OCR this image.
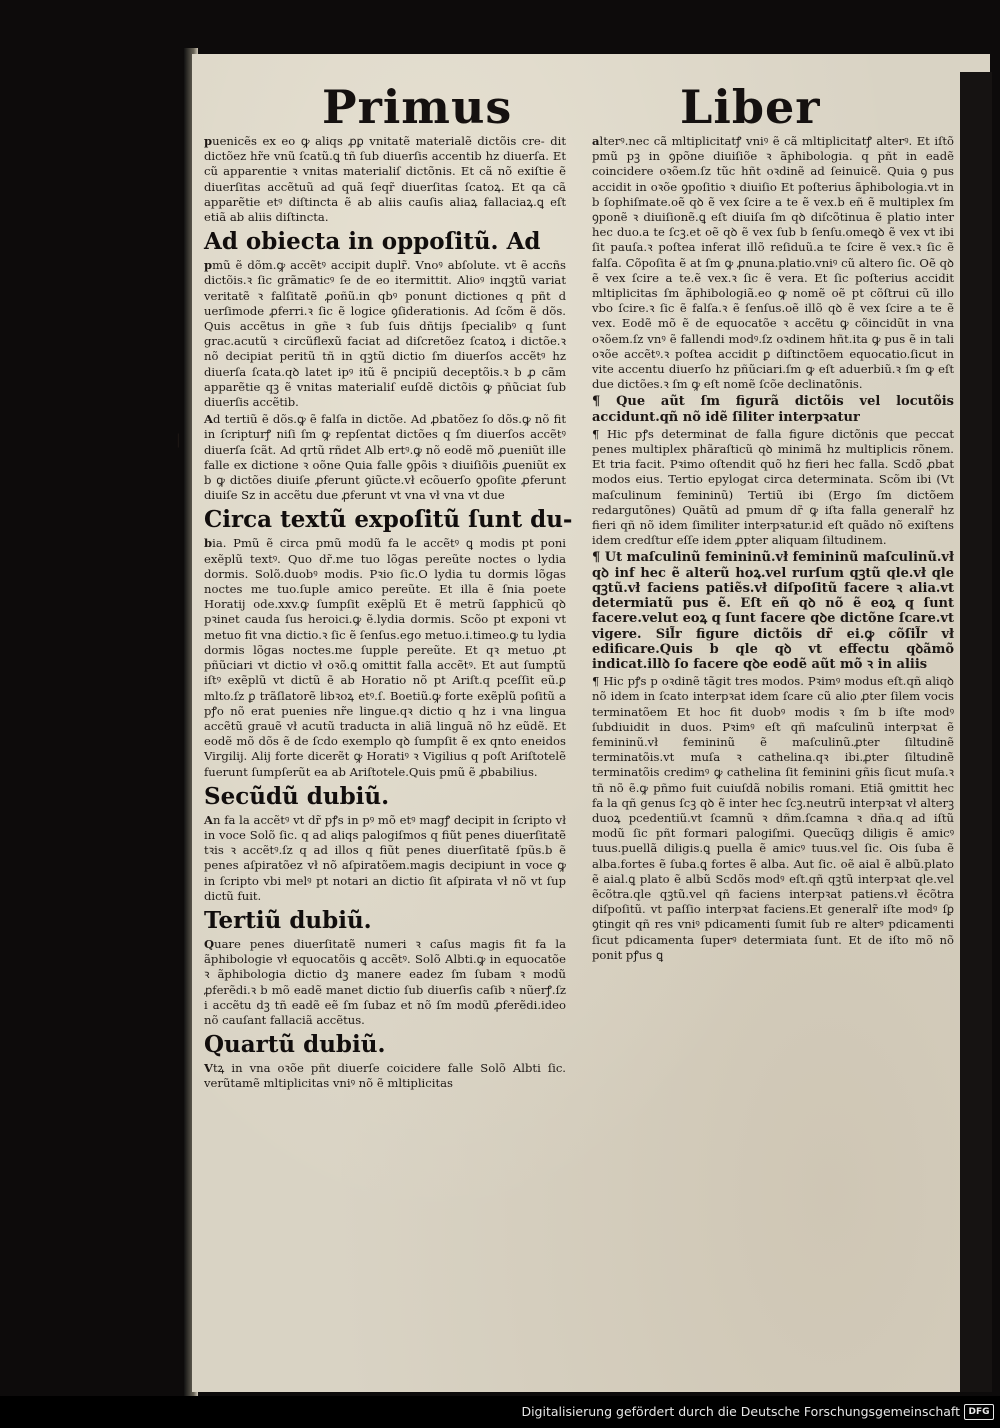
Primus	Liber
|
puenicẽs ex eo ꝙ aliqs ꝓꝑ vnitatẽ materialẽ dictõis cre- dit dictõez hr̃e vnũ ſcatũ.ꝗ tñ ſub diuerſis accentib hz diuerſa. Et cũ apparentie ꝛ vnitas materialiſ dictõnis. Et cã nõ exiſtie ẽ diuerſitas accẽtuũ ad quã ſeqr̃ diuerſitas ſcatoꝝ. Et qa cã apparẽtie etꝰ diſtincta ẽ ab aliis cauſis aliaꝝ fallaciaꝝ.ꝗ eſt etiã ab aliis diſtincta.
Ad obiecta in oppoſitũ. Ad
pmũ ẽ dõm.ꝙ accẽtꝰ accipit duplr̃. Vnoꝰ abſolute. vt ẽ accñs dictõis.ꝛ ſic grãmaticꝰ ſe de eo itermittit. Alioꝰ inqꝫtũ variat veritatẽ ꝛ falſitatẽ ꝓoñũ.in qbꝰ ponunt dictiones q pñt d uerſimode ꝓferri.ꝛ ſic ẽ logice ꝯſiderationis. Ad ſcõm ẽ dõs. Quis accẽtus in gñe ꝛ ſub ſuis dñtijs ſpecialibꝰ q ſunt grac.acutũ ꝛ circũflexũ faciat ad diſcretõez ſcatoꝝ i dictõe.ꝛ nõ decipiat peritũ tñ in qꝫtũ dictio ſm diuerſos accẽtꝰ hz diuerſa ſcata.qꝺ latet ipꝰ itũ ẽ pncipiũ deceptõis.ꝛ b ꝓ cãm apparẽtie qꝫ ẽ vnitas materialiſ euſdẽ dictõis ꝙ pñũciat ſub diuerſis accẽtib.
Ad tertiũ ẽ dõs.ꝙ ẽ falſa in dictõe. Ad ꝓbatõez ſo dõs.ꝙ nõ fit in ſcripturꝭ niſi ſm ꝙ repſentat dictões q ſm diuerſos accẽtꝰ diuerſa ſcãt. Ad qrtũ rñdet Alb ertꝰ.ꝙ nõ eodẽ mõ ꝓueniũt ille falle ex dictione ꝛ oõne Quia falle ꝯpõis ꝛ diuiſiõis ꝓueniũt ex b ꝙ dictões diuiſe ꝓferunt ꝯiũcte.vł ecõuerſo ꝯpoſite ꝓferunt diuiſe Sz in accẽtu due ꝓferunt vt vna vł vna vt due
Circa textũ expoſitũ ſunt du-
bia. Pmũ ẽ circa pmũ modũ fa le accẽtꝰ ꝗ modis pt poni exẽplũ textꝰ. Quo dr̃.me tuo lõgas pereũte noctes o lydia dormis. Solõ.duobꝰ modis. Pꝛio ſic.O lydia tu dormis lõgas noctes me tuo.ſuple amico pereũte. Et illa ẽ ſnia poete Horatij ode.xxv.ꝙ ſumpſit exẽplũ Et ẽ metrũ ſapphicũ qꝺ pꝛinet cauda ſus heroici.ꝙ ẽ.lydia dormis. Scõo pt exponi vt metuo fit vna dictio.ꝛ ſic ẽ ſenſus.ego metuo.i.timeo.ꝙ tu lydia dormis lõgas noctes.me ſupple pereũte. Et qꝛ metuo ꝓt pñũciari vt dictio vł oꝛõ.ꝗ omittit falla accẽtꝰ. Et aut ſumptũ iſtꝰ exẽplũ vt dictũ ẽ ab Horatio nõ pt Ariſt.q pceſſit eũ.ꝑ mlto.ſz ꝑ trãſlatorẽ libꝛoꝝ etꝰ.ſ. Boetiũ.ꝙ forte exẽplũ poſitũ a pꝭo nõ erat puenies nr̃e lingue.qꝛ dictio q hz i vna lingua accẽtũ grauẽ vł acutũ traducta in aliã linguã nõ hz eũdẽ. Et eodẽ mõ dõs ẽ de ſcdo exemplo qꝺ ſumpſit ẽ ex qnto eneidos Virgilij. Alij forte dicerẽt ꝙ Horatiꝰ ꝛ Vigilius q poſt Ariſtotelẽ fuerunt ſumpſerũt ea ab Ariſtotele.Quis pmũ ẽ ꝓbabilius.
Secũdũ dubiũ.
An fa la accẽtꝰ vt dr̃ pꝭs in pꝰ mõ etꝰ magꝭ decipit in ſcripto vł in voce Solõ ſic. q ad aliqs palogiſmos q fiũt penes diuerſitatẽ tꝛis ꝛ accẽtꝰ.ſz q ad illos q fiũt penes diuerſitatẽ ſpũs.b ẽ penes aſpiratõez vł nõ aſpiratõem.magis decipiunt in voce ꝙ in ſcripto vbi melꝰ pt notari an dictio ſit aſpirata vł nõ vt ſup dictũ fuit.
Tertiũ dubiũ.
Quare penes diuerſitatẽ numeri ꝛ caſus magis fit fa la ãphibologie vł equocatõis ꝗ accẽtꝰ. Solõ Albti.ꝙ in equocatõe ꝛ ãphibologia dictio dꝫ manere eadez ſm ſubam ꝛ modũ ꝓferẽdi.ꝛ b mõ eadẽ manet dictio ſub diuerſis caſib ꝛ nũerꝭ.ſz i accẽtu dꝫ tñ eadẽ eẽ ſm ſubaz et nõ ſm modũ ꝓferẽdi.ideo nõ cauſant fallaciã accẽtus.
Quartũ dubiũ.
Vtꝝ in vna oꝛõe pñt diuerſe coicidere falle Solõ Albti ſic. verũtamẽ mltiplicitas vniꝰ nõ ẽ mltiplicitas
alterꝰ.nec cã mltiplicitatꝭ vniꝰ ẽ cã mltiplicitatꝭ alterꝰ. Et iſtõ pmũ pꝫ in ꝯpõne diuiſiõe ꝛ ãphibologia. q pñt in eadẽ coincidere oꝛõem.ſz tũc hñt oꝛdinẽ ad ſeinuicẽ. Quia ꝯ pus accidit in oꝛõe ꝯpoſitio ꝛ diuiſio Et poſterius ãphibologia.vt in b ſophiſmate.oẽ qꝺ ẽ vex ſcire a te ẽ vex.b eñ ẽ multiplex ſm ꝯponẽ ꝛ diuiſionẽ.ꝗ eſt diuiſa ſm qꝺ diſcõtinua ẽ platio inter hec duo.a te ſcꝫ.et oẽ qꝺ ẽ vex ſub b ſenſu.omeꝗꝺ ẽ vex vt ibi ſit pauſa.ꝛ poſtea inferat illõ reſiduũ.a te ſcire ẽ vex.ꝛ ſic ẽ falſa. Cõpoſita ẽ at ſm ꝙ ꝓnuna.platio.vniꝰ cũ altero ſic. Oẽ qꝺ ẽ vex ſcire a te.ẽ vex.ꝛ ſic ẽ vera. Et ſic poſterius accidit mltiplicitas ſm ãphibologiã.eo ꝙ nomẽ oẽ pt cõſtrui cũ illo vbo ſcire.ꝛ ſic ẽ falſa.ꝛ ẽ ſenſus.oẽ illõ qꝺ ẽ vex ſcire a te ẽ vex. Eodẽ mõ ẽ de equocatõe ꝛ accẽtu ꝙ cõincidũt in vna oꝛõem.ſz vnꝰ ẽ fallendi modꝰ.ſz oꝛdinem hñt.ita ꝙ pus ẽ in tali oꝛõe accẽtꝰ.ꝛ poſtea accidit ꝑ diſtinctõem equocatio.ſicut in vite accentu diuerſo hz pñũciari.ſm ꝙ eſt aduerbiũ.ꝛ ſm ꝙ eſt due dictões.ꝛ ſm ꝙ eſt nomẽ ſcõe declinatõnis.
¶ Que aũt ſm figurã dictõis vel locutõis accidunt.qñ nõ idẽ ſiliter interpꝛatur
¶ Hic pꝭs determinat de falla figure dictõnis que peccat penes multiplex phãraſticũ qꝺ minimã hz multiplicis rõnem. Et tria facit. Pꝛimo oſtendit quõ hz fieri hec falla. Scdõ ꝓbat modos eius. Tertio epylogat circa determinata. Scõm ibi (Vt maſculinum femininũ) Tertiũ ibi (Ergo ſm dictõem redargutõnes) Quãtũ ad pmum dr̃ ꝙ iſta falla generalr̃ hz fieri qñ nõ idem ſimiliter interpꝛatur.id eſt quãdo nõ exiſtens idem credſtur eſſe idem ꝓpter aliquam ſiltudinem.
¶ Ut maſculinũ femininũ.vł femininũ maſculinũ.vł qꝺ inf hec ẽ alterũ hoꝝ.vel rurſum qꝫtũ qle.vł qle qꝫtũ.vł faciens patiẽs.vł diſpoſitũ facere ꝛ alia.vt determiatũ pus ẽ. Eſt eñ qꝺ nõ ẽ eoꝝ q ſunt facere.velut eoꝝ q ſunt facere qꝺe dictõne ſcare.vt vigere. Sil̃r figure dictõis dr̃ ei.ꝙ cõſil̃r vł edificare.Quis b qle qꝺ vt effectu qꝺãmõ indicat.illꝺ ſo facere qꝺe eodẽ aũt mõ ꝛ in aliis
¶ Hic pꝭs p oꝛdinẽ tãgit tres modos. Pꝛimꝰ modus eſt.qñ aliqꝺ nõ idem in ſcato interpꝛat idem ſcare cũ alio ꝓter ſilem vocis terminatõem Et hoc fit duobꝰ modis ꝛ ſm b iſte modꝰ ſubdiuidit in duos. Pꝛimꝰ eſt qñ maſculinũ interpꝛat ẽ femininũ.vł femininũ ẽ maſculinũ.ꝓter ſiltudinẽ terminatõis.vt muſa ꝛ cathelina.qꝛ ibi.ꝓter ſiltudinẽ terminatõis credimꝰ ꝙ cathelina ſit feminini gñis ſicut muſa.ꝛ tñ nõ ẽ.ꝙ pñmo fuit cuiuſdã nobilis romani. Etiã ꝯmittit hec fa la qñ genus ſcꝫ qꝺ ẽ inter hec ſcꝫ.neutrũ interpꝛat vł alterꝫ duoꝝ pcedentiũ.vt ſcamnũ ꝛ dñm.ſcamna ꝛ dña.q ad iſtũ modũ ſic pñt formari palogiſmi. Quecũqꝫ diligis ẽ amicꝰ tuus.puellã diligis.ꝗ puella ẽ amicꝰ tuus.vel ſic. Ois ſuba ẽ alba.fortes ẽ ſuba.ꝗ fortes ẽ alba. Aut ſic. oẽ aial ẽ albũ.plato ẽ aial.ꝗ plato ẽ albũ Scdõs modꝰ eſt.qñ qꝫtũ interpꝛat qle.vel ẽcõtra.qle qꝫtũ.vel qñ faciens interpꝛat patiens.vł ẽcõtra diſpoſitũ. vt paſſio interpꝛat faciens.Et generalr̃ iſte modꝰ ſꝑ ꝯtingit qñ res vniꝰ pdicamenti ſumit ſub re alterꝰ pdicamenti ſicut pdicamenta ſuperꝰ determiata ſunt. Et de iſto mõ nõ ponit pꝭus ꝗ
Digitalisierung gefördert durch die Deutsche Forschungsgemeinschaft DFG
